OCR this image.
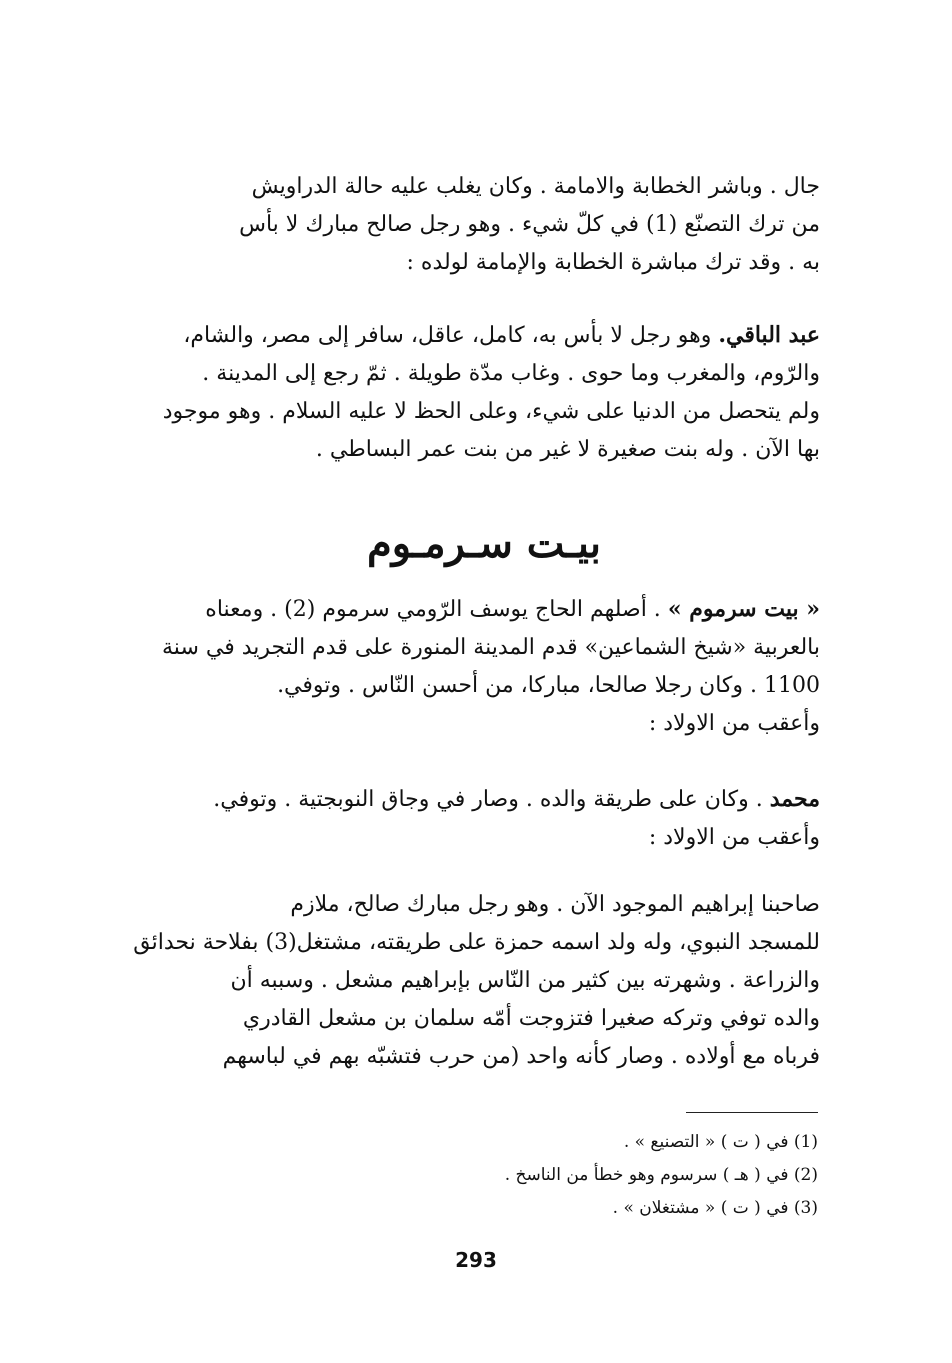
جال . وباشر الخطابة والامامة . وكان يغلب عليه حالة الدراويش
من ترك التصنّع (1) في كلّ شيء . وهو رجل صالح مبارك لا بأس
به . وقد ترك مباشرة الخطابة والإمامة لولده :

عبد الباقي. وهو رجل لا بأس به، كامل، عاقل، سافر إلى مصر، والشام،
والرّوم، والمغرب وما حوى . وغاب مدّة طويلة . ثمّ رجع إلى المدينة .
ولم يتحصل من الدنيا على شيء، وعلى الحظ لا عليه السلام . وهو موجود
بها الآن . وله بنت صغيرة لا غير من بنت عمر البساطي .

بيـت سـرمـوم

« بيت سرموم » . أصلهم الحاج يوسف الرّومي سرموم (2) . ومعناه
بالعربية «شيخ الشماعين» قدم المدينة المنورة على قدم التجريد في سنة
1100 . وكان رجلا صالحا، مباركا، من أحسن النّاس . وتوفي.
وأعقب من الاولاد :

محمد . وكان على طريقة والده . وصار في وجاق النوبجتية . وتوفي.
وأعقب من الاولاد :

صاحبنا إبراهيم الموجود الآن . وهو رجل مبارك صالح، ملازم
للمسجد النبوي، وله ولد اسمه حمزة على طريقته، مشتغل(3) بفلاحة نحدائق
والزراعة . وشهرته بين كثير من النّاس بإبراهيم مشعل . وسببه أن
والده توفي وتركه صغيرا فتزوجت أمّه سلمان بن مشعل القادري
فرباه مع أولاده . وصار كأنه واحد (من حرب فتشبّه بهم في لباسهم

(1) في ( ت ) « التصنيع » .
(2) في ( هـ ) سرسوم وهو خطأ من الناسخ .
(3) في ( ت ) « مشتغلان » .
293
